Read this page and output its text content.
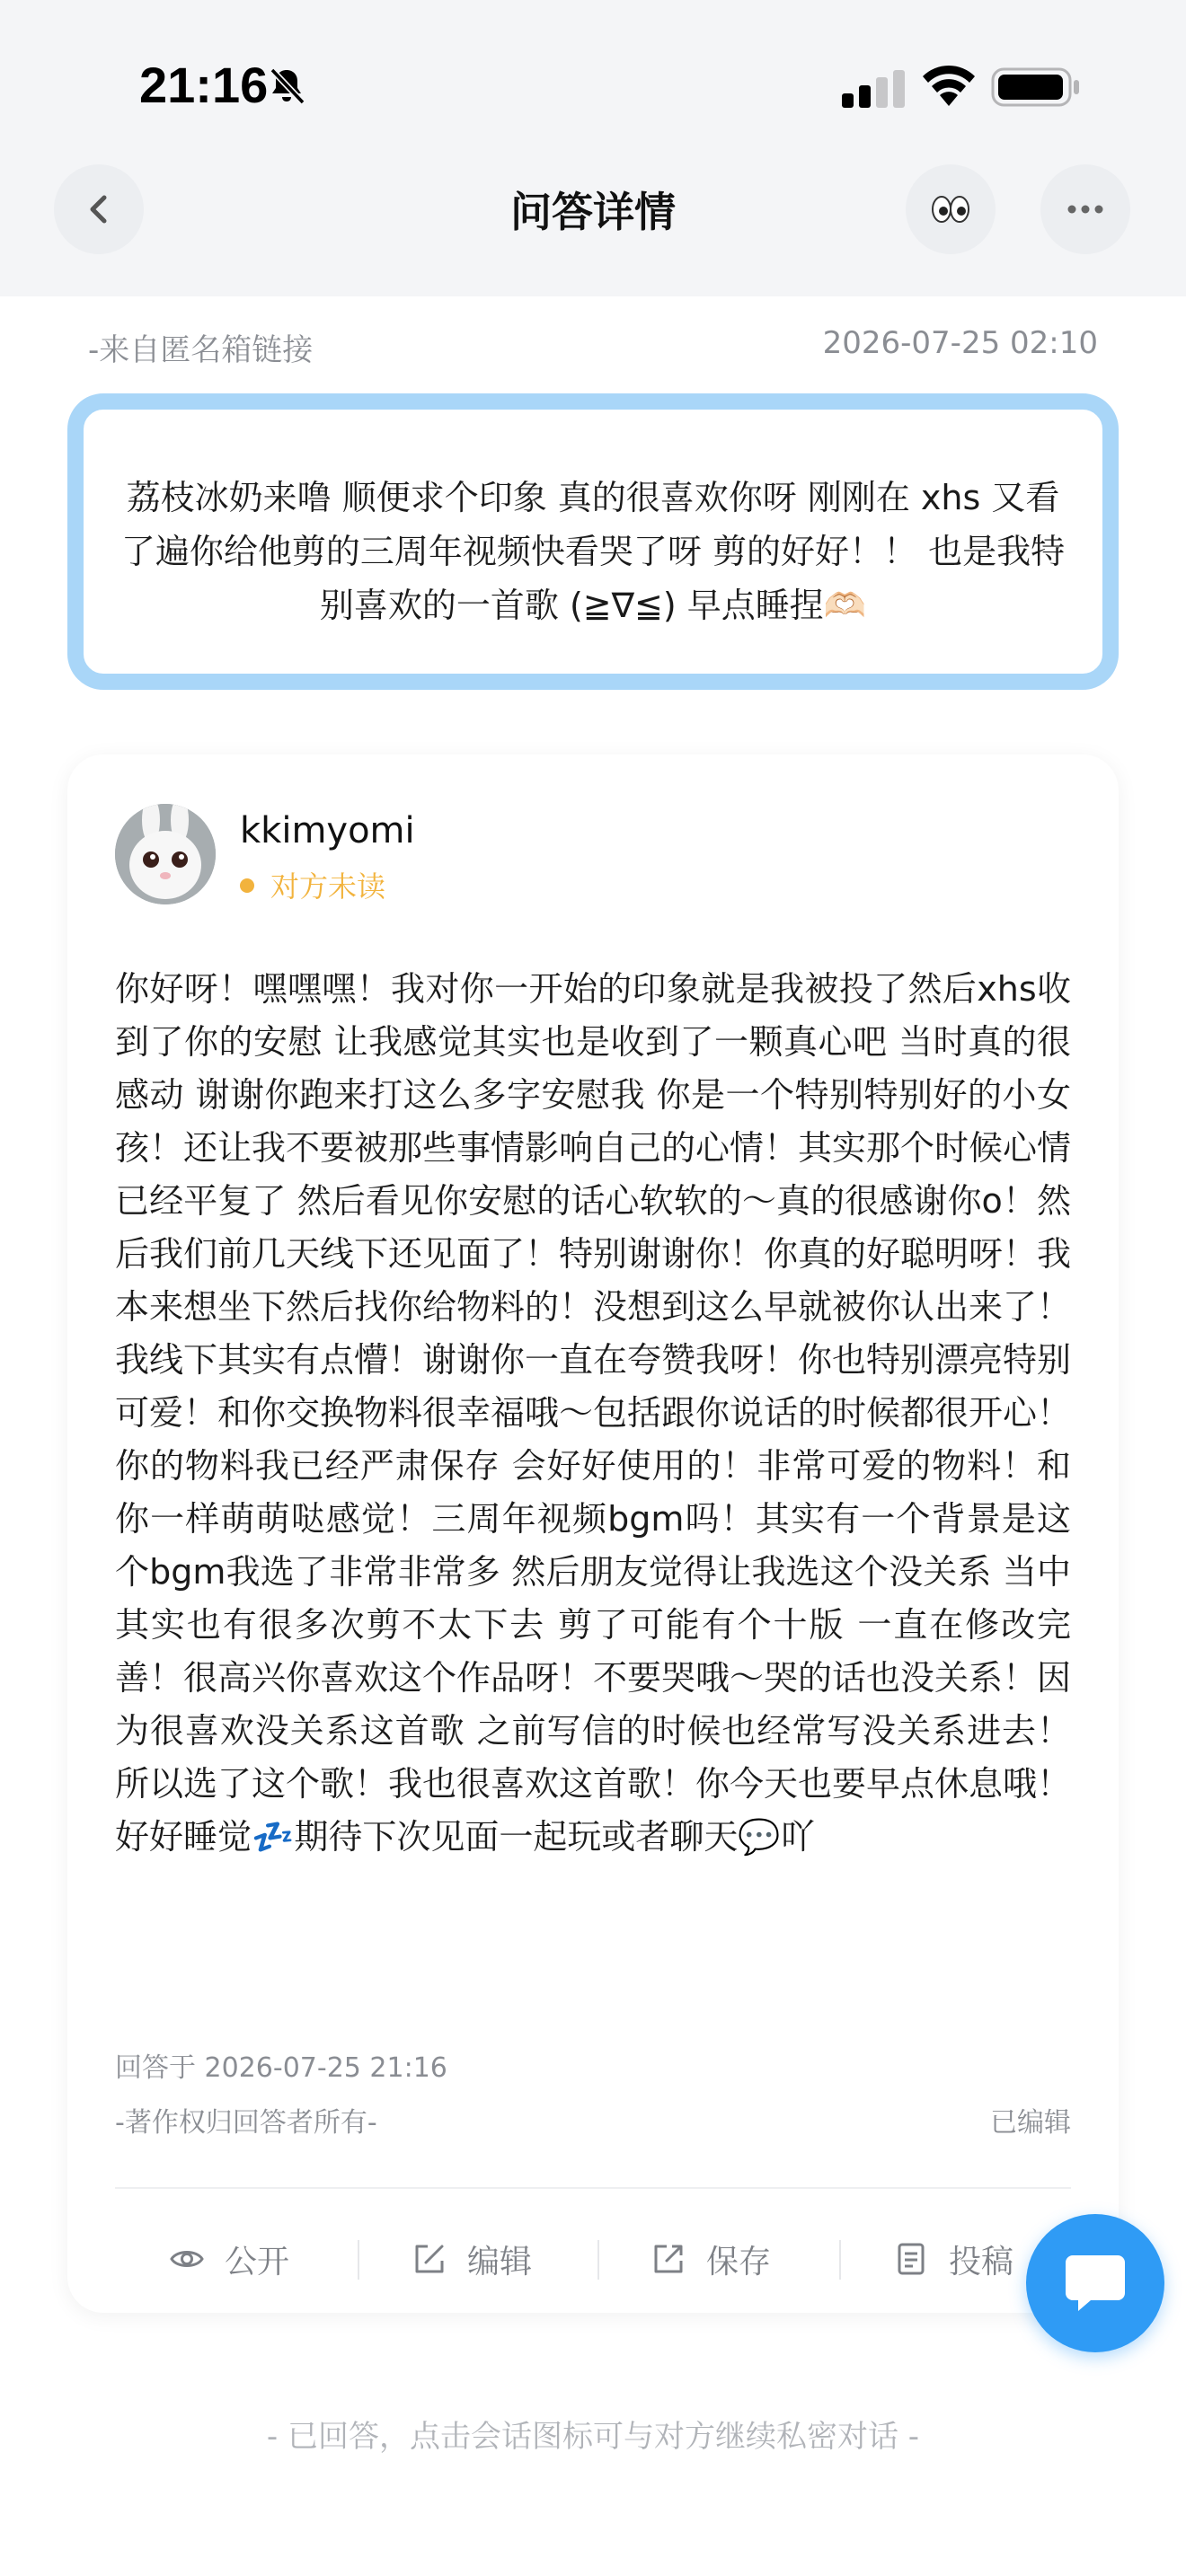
21:16
问答详情
-来自匿名箱链接	2026-07-25 02:10
荔枝冰奶来噜 顺便求个印象 真的很喜欢你呀 刚刚在 xhs 又看了遍你给他剪的三周年视频快看哭了呀 剪的好好！！ 也是我特别喜欢的一首歌 (≧∇≦) 早点睡捏🫶🏻
kkimyomi
对方未读
你好呀！嘿嘿嘿！我对你一开始的印象就是我被投了然后xhs收到了你的安慰 让我感觉其实也是收到了一颗真心吧 当时真的很感动 谢谢你跑来打这么多字安慰我 你是一个特别特别好的小女孩！还让我不要被那些事情影响自己的心情！其实那个时候心情已经平复了 然后看见你安慰的话心软软的～真的很感谢你o！然后我们前几天线下还见面了！特别谢谢你！你真的好聪明呀！我本来想坐下然后找你给物料的！没想到这么早就被你认出来了！我线下其实有点懵！谢谢你一直在夸赞我呀！你也特别漂亮特别可爱！和你交换物料很幸福哦～包括跟你说话的时候都很开心！你的物料我已经严肃保存 会好好使用的！非常可爱的物料！和你一样萌萌哒感觉！三周年视频bgm吗！其实有一个背景是这个bgm我选了非常非常多 然后朋友觉得让我选这个没关系 当中其实也有很多次剪不太下去 剪了可能有个十版 一直在修改完善！很高兴你喜欢这个作品呀！不要哭哦～哭的话也没关系！因为很喜欢没关系这首歌 之前写信的时候也经常写没关系进去！所以选了这个歌！我也很喜欢这首歌！你今天也要早点休息哦！好好睡觉💤期待下次见面一起玩或者聊天💬吖
回答于 2026-07-25 21:16
-著作权归回答者所有-	已编辑
公开	编辑	保存	投稿
- 已回答，点击会话图标可与对方继续私密对话 -
